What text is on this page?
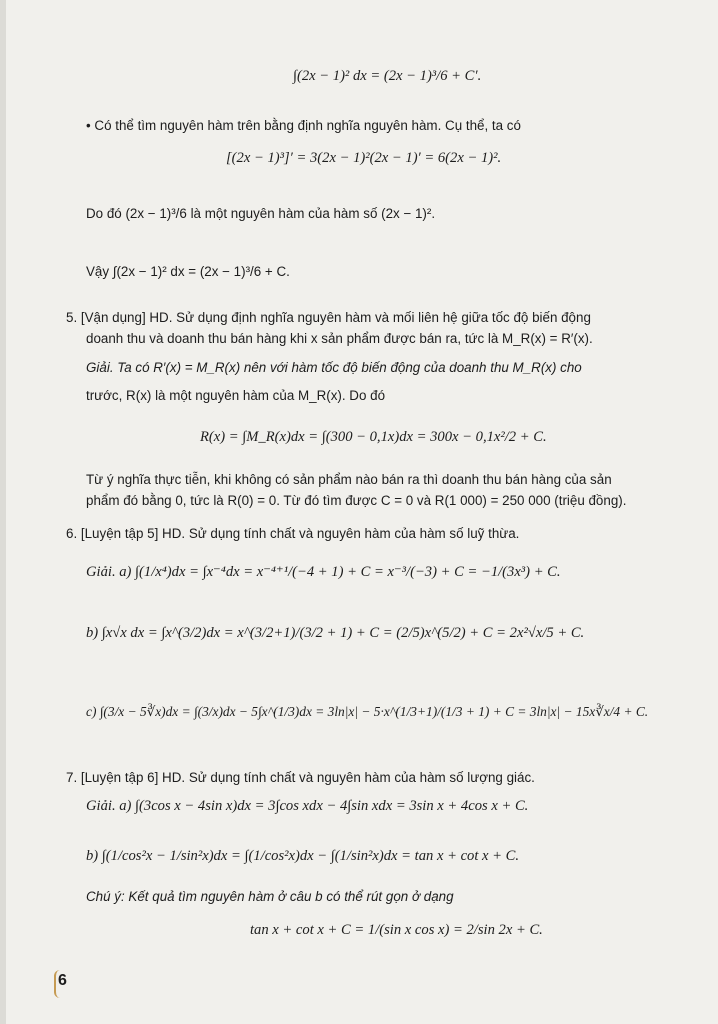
∫(2x − 1)² dx = (2x − 1)³/6 + C′.
• Có thể tìm nguyên hàm trên bằng định nghĩa nguyên hàm. Cụ thể, ta có
[(2x − 1)³]′ = 3(2x − 1)²(2x − 1)′ = 6(2x − 1)².
Do đó (2x − 1)³/6 là một nguyên hàm của hàm số (2x − 1)².
Vậy ∫(2x − 1)² dx = (2x − 1)³/6 + C.
5. [Vận dụng] HD. Sử dụng định nghĩa nguyên hàm và mối liên hệ giữa tốc độ biến động
doanh thu và doanh thu bán hàng khi x sản phẩm được bán ra, tức là M_R(x) = R′(x).
Giải. Ta có R′(x) = M_R(x) nên với hàm tốc độ biến động của doanh thu M_R(x) cho
trước, R(x) là một nguyên hàm của M_R(x). Do đó
R(x) = ∫M_R(x)dx = ∫(300 − 0,1x)dx = 300x − 0,1x²/2 + C.
Từ ý nghĩa thực tiễn, khi không có sản phẩm nào bán ra thì doanh thu bán hàng của sản
phẩm đó bằng 0, tức là R(0) = 0. Từ đó tìm được C = 0 và R(1 000) = 250 000 (triệu đồng).
6. [Luyện tập 5] HD. Sử dụng tính chất và nguyên hàm của hàm số luỹ thừa.
Giải. a) ∫(1/x⁴)dx = ∫x⁻⁴dx = x⁻⁴⁺¹/(−4 + 1) + C = x⁻³/(−3) + C = −1/(3x³) + C.
b) ∫x√x dx = ∫x^(3/2)dx = x^(3/2+1)/(3/2 + 1) + C = (2/5)x^(5/2) + C = 2x²√x/5 + C.
c) ∫(3/x − 5∛x)dx = ∫(3/x)dx − 5∫x^(1/3)dx = 3ln|x| − 5·x^(1/3+1)/(1/3 + 1) + C = 3ln|x| − 15x∛x/4 + C.
7. [Luyện tập 6] HD. Sử dụng tính chất và nguyên hàm của hàm số lượng giác.
Giải. a) ∫(3cos x − 4sin x)dx = 3∫cos xdx − 4∫sin xdx = 3sin x + 4cos x + C.
b) ∫(1/cos²x − 1/sin²x)dx = ∫(1/cos²x)dx − ∫(1/sin²x)dx = tan x + cot x + C.
Chú ý: Kết quả tìm nguyên hàm ở câu b có thể rút gọn ở dạng
tan x + cot x + C = 1/(sin x cos x) = 2/sin 2x + C.
6
